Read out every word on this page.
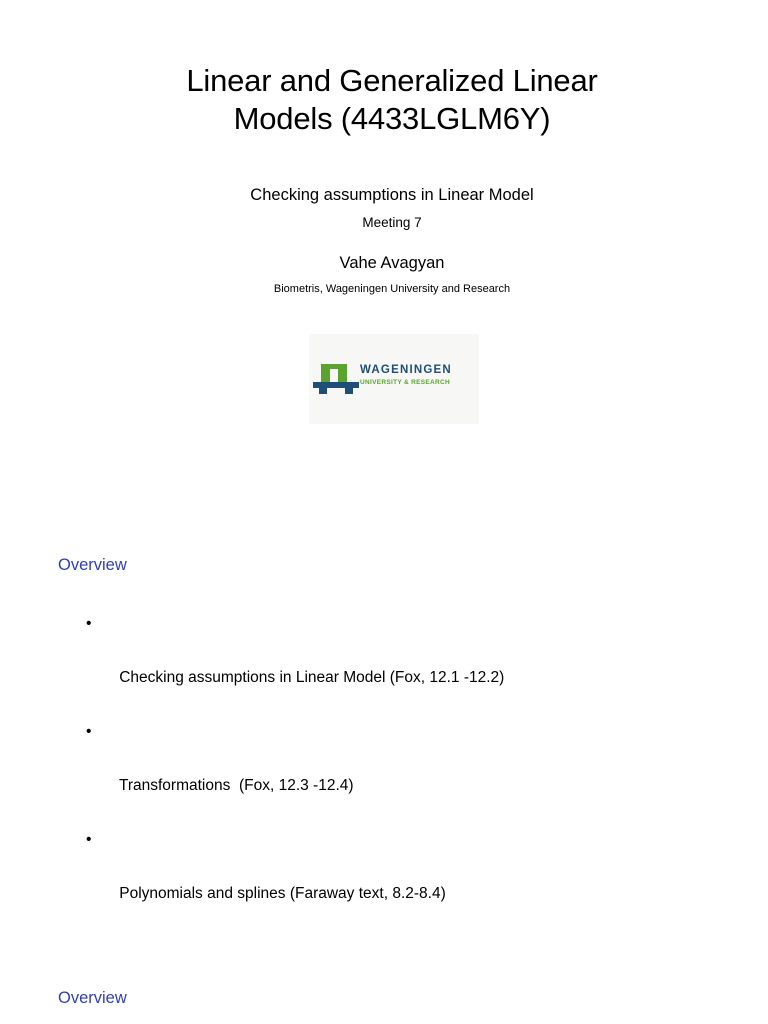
Linear and Generalized Linear
Models (4433LGLM6Y)
Checking assumptions in Linear Model
Meeting 7
Vahe Avagyan
Biometris, Wageningen University and Research
WAGENINGEN
UNIVERSITY & RESEARCH
Overview

•

Checking assumptions in Linear Model (Fox, 12.1 -12.2)

•

Transformations  (Fox, 12.3 -12.4)

•

Polynomials and splines (Faraway text, 8.2-8.4)

Overview
